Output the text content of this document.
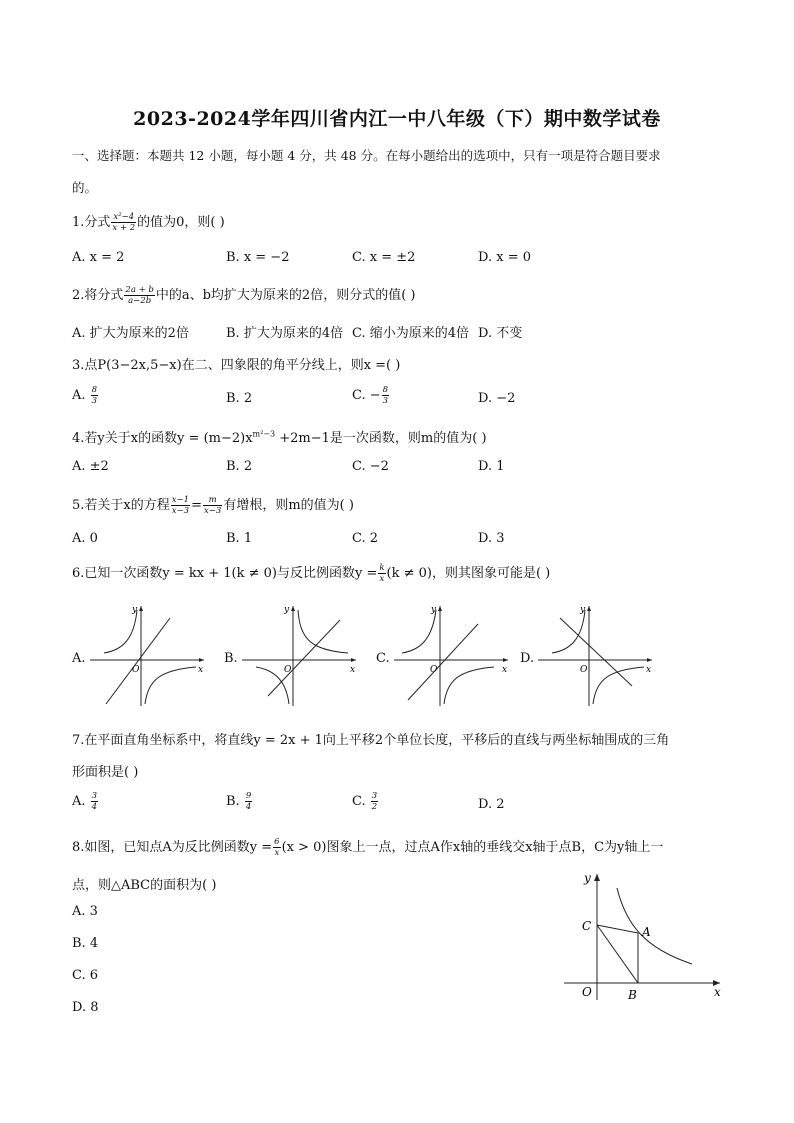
2023-2024学年四川省内江一中八年级（下）期中数学试卷
一、选择题：本题共 12 小题，每小题 4 分，共 48 分。在每小题给出的选项中，只有一项是符合题目要求
的。
1.分式 $\frac{\text{x²−4}}{x + 2}$ 的值为0，则( )
A. x = 2	B. x = −2	C. x = ±2	D. x = 0
2.将分式 $\frac{2a + b}{a-2b}$ 中的a、b均扩大为原来的2倍，则分式的值( )
A. 扩大为原来的2倍	B. 扩大为原来的4倍 C. 缩小为原来的4倍 D. 不变
3.点P(3−2x,5−x)在二、四象限的角平分线上，则x =( )
A. $\frac{8}{3}$	B. 2	C. − $\frac{8}{3}$	D. −2
4.若y关于x的函数$y = (m-2)x^{m^2-3} +2m-1$是一次函数，则m的值为( )
A. ±2	B. 2	C. −2	D. 1
5.若关于x的方程 $\frac{x-1}{x-3} = \frac{m}{x-3}$ 有增根，则m的值为( )
A. 0	B. 1	C. 2	D. 3
6.已知一次函数y = kx + 1(k ≠ 0)与反比例函数$y = \frac{k}{x} (k \ne 0)$，则其图象可能是( )
A.
x
y
O
B.
x
y
O
C.
x
y
O
D.
x
y
O
7.在平面直角坐标系中，将直线y = 2x + 1向上平移2个单位长度，平移后的直线与两坐标轴围成的三角
形面积是( )
A. $\frac{3}{4}$	B. $\frac{9}{4}$	C. $\frac{3}{2}$	D. 2
8.如图，已知点A为反比例函数$y = \frac{6}{x} (x > 0)$图象上一点，过点A作x轴的垂线交x轴于点B，C为y轴上一
点，则△ABC的面积为( )
A. 3
B. 4
C. 6
D. 8
y
x
O
A
B
C
